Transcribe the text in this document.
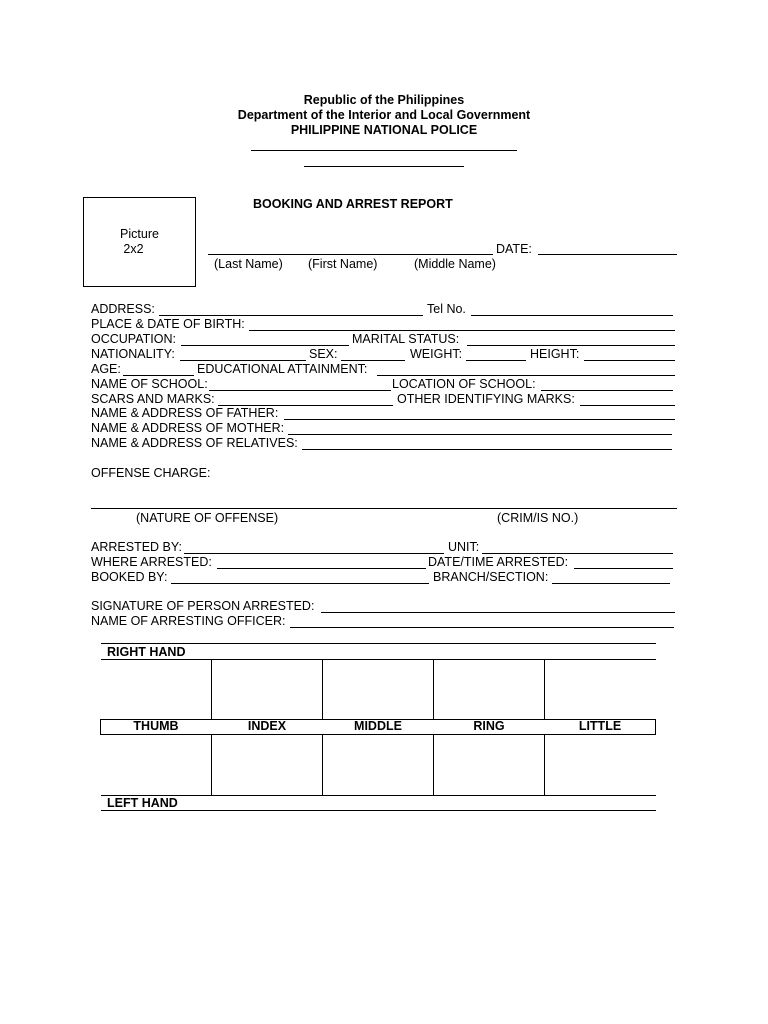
Republic of the Philippines
Department of the Interior and Local Government
PHILIPPINE NATIONAL POLICE
BOOKING AND ARREST REPORT
Picture
2x2	DATE:
(Last Name) (First Name)	(Middle Name)
ADDRESS:	Tel No.
PLACE & DATE OF BIRTH:
OCCUPATION:	MARITAL STATUS:
NATIONALITY:	SEX:	WEIGHT:	HEIGHT:
AGE:	EDUCATIONAL ATTAINMENT:
NAME OF SCHOOL:	LOCATION OF SCHOOL:
SCARS AND MARKS:	OTHER IDENTIFYING MARKS:
NAME & ADDRESS OF FATHER:
NAME & ADDRESS OF MOTHER:
NAME & ADDRESS OF RELATIVES:
OFFENSE CHARGE:
(NATURE OF OFFENSE)	(CRIM/IS NO.)
ARRESTED BY:	UNIT:
WHERE ARRESTED:	DATE/TIME ARRESTED:
BOOKED BY:	BRANCH/SECTION:
SIGNATURE OF PERSON ARRESTED:
NAME OF ARRESTING OFFICER:
RIGHT HAND
THUMB	INDEX	MIDDLE	RING	LITTLE
LEFT HAND
